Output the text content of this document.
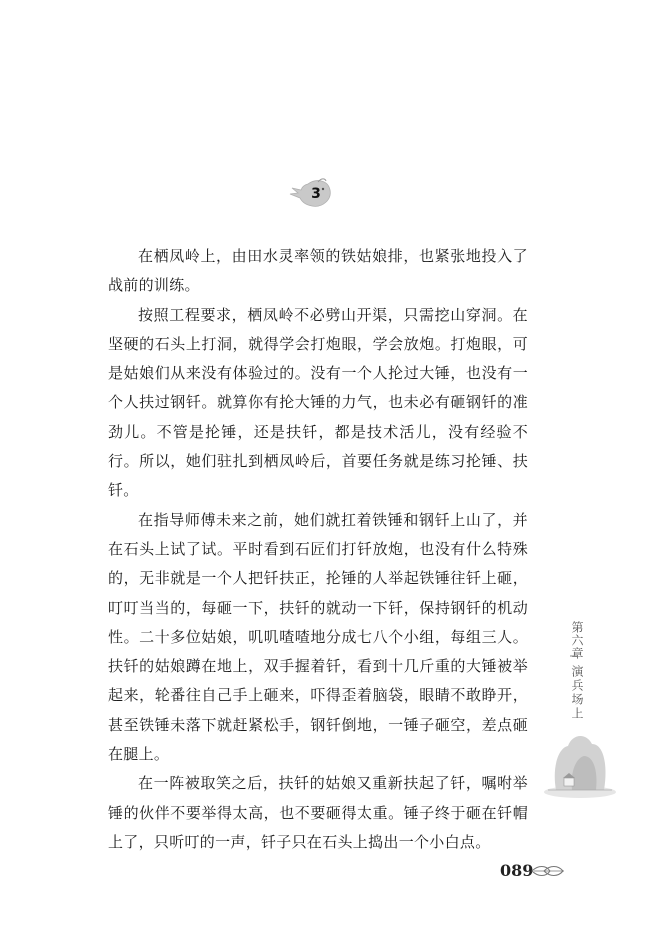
3

在栖凤岭上，由田水灵率领的铁姑娘排，也紧张地投入了战前的训练。

按照工程要求，栖凤岭不必劈山开渠，只需挖山穿洞。在坚硬的石头上打洞，就得学会打炮眼，学会放炮。打炮眼，可是姑娘们从来没有体验过的。没有一个人抡过大锤，也没有一个人扶过钢钎。就算你有抡大锤的力气，也未必有砸钢钎的准劲儿。不管是抡锤，还是扶钎，都是技术活儿，没有经验不行。所以，她们驻扎到栖凤岭后，首要任务就是练习抡锤、扶钎。

在指导师傅未来之前，她们就扛着铁锤和钢钎上山了，并在石头上试了试。平时看到石匠们打钎放炮，也没有什么特殊的，无非就是一个人把钎扶正，抡锤的人举起铁锤往钎上砸，叮叮当当的，每砸一下，扶钎的就动一下钎，保持钢钎的机动性。二十多位姑娘，叽叽喳喳地分成七八个小组，每组三人。扶钎的姑娘蹲在地上，双手握着钎，看到十几斤重的大锤被举起来，轮番往自己手上砸来，吓得歪着脑袋，眼睛不敢睁开，甚至铁锤未落下就赶紧松手，钢钎倒地，一锤子砸空，差点砸在腿上。

在一阵被取笑之后，扶钎的姑娘又重新扶起了钎，嘱咐举锤的伙伴不要举得太高，也不要砸得太重。锤子终于砸在钎帽上了，只听叮的一声，钎子只在石头上捣出一个小白点。

第六章
演兵场上
089
